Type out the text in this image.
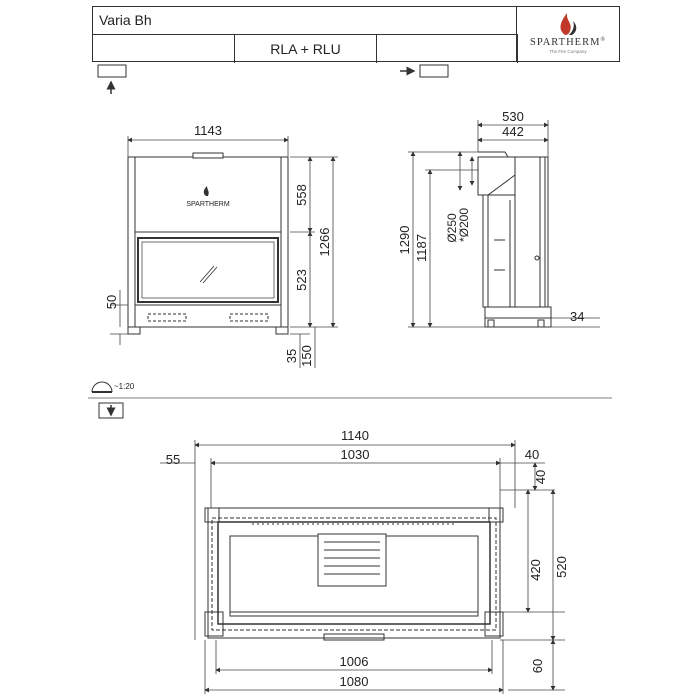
Varia Bh
RLA + RLU	SPARTHERM®
The Fire Company
SPARTHERM
1143
558
523
1266
50
35 150
530
442
1290 1187
Ø250
*Ø200
34
~1:20
1140
1030
55	40
40
420 520
60
1006
1080
